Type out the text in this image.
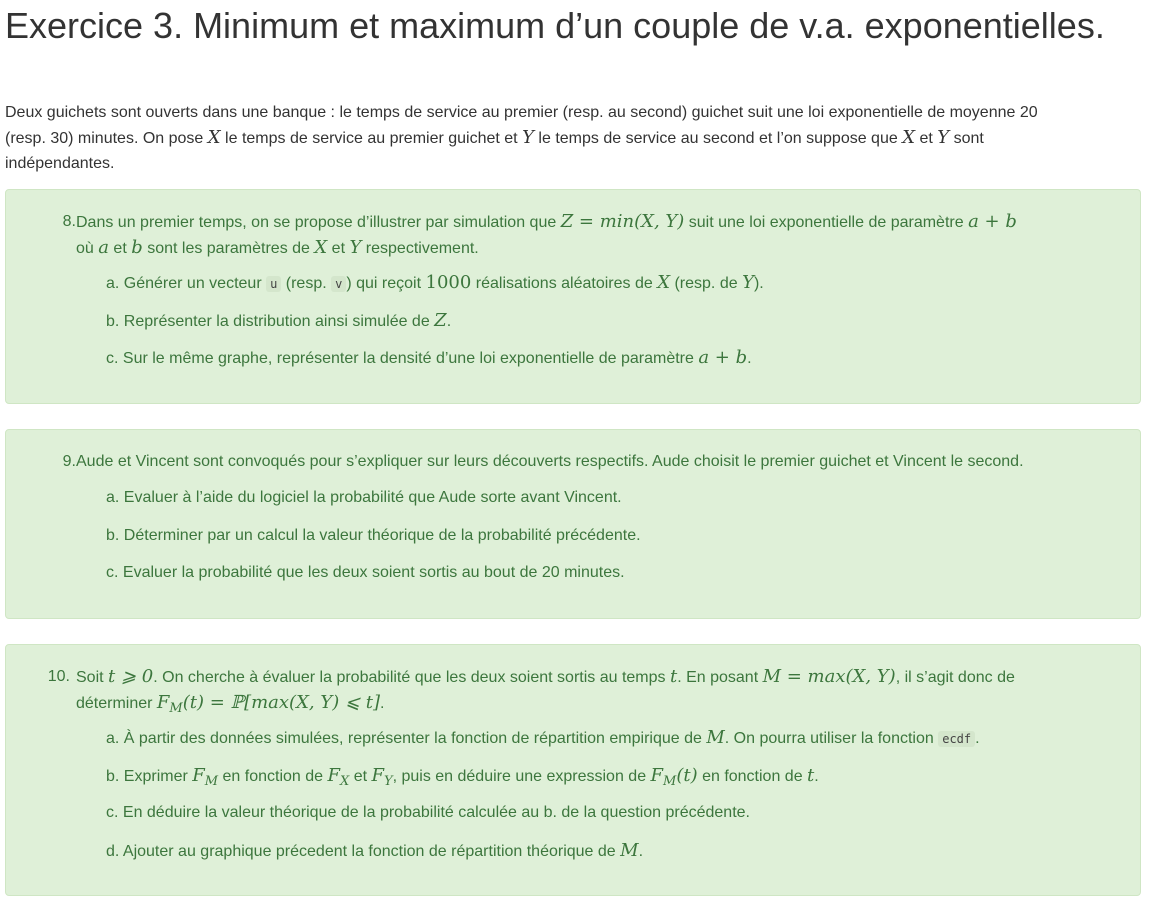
Exercice 3. Minimum et maximum d’un couple de v.a. exponentielles.
Deux guichets sont ouverts dans une banque : le temps de service au premier (resp. au second) guichet suit une loi exponentielle de moyenne 20
(resp. 30) minutes. On pose X le temps de service au premier guichet et Y le temps de service au second et l’on suppose que X et Y sont
indépendantes.
8. Dans un premier temps, on se propose d’illustrer par simulation que Z = min(X, Y) suit une loi exponentielle de paramètre a + b
où a et b sont les paramètres de X et Y respectivement.
a. Générer un vecteur u (resp. v ) qui reçoit 1000 réalisations aléatoires de X (resp. de Y).
b. Représenter la distribution ainsi simulée de Z.
c. Sur le même graphe, représenter la densité d’une loi exponentielle de paramètre a + b.
9. Aude et Vincent sont convoqués pour s’expliquer sur leurs découverts respectifs. Aude choisit le premier guichet et Vincent le second.
a. Evaluer à l’aide du logiciel la probabilité que Aude sorte avant Vincent.
b. Déterminer par un calcul la valeur théorique de la probabilité précédente.
c. Evaluer la probabilité que les deux soient sortis au bout de 20 minutes.
10. Soit t ⩾ 0. On cherche à évaluer la probabilité que les deux soient sortis au temps t. En posant M = max(X, Y), il s’agit donc de
déterminer $F_M(t)$ = ℙ[max(X, Y) ⩽ t].
a. À partir des données simulées, représenter la fonction de répartition empirique de M. On pourra utiliser la fonction ecdf .
b. Exprimer $F_M$ en fonction de $F_X$ et $F_Y$, puis en déduire une expression de $F_M(t)$ en fonction de t.
c. En déduire la valeur théorique de la probabilité calculée au b. de la question précédente.
d. Ajouter au graphique précedent la fonction de répartition théorique de M.
